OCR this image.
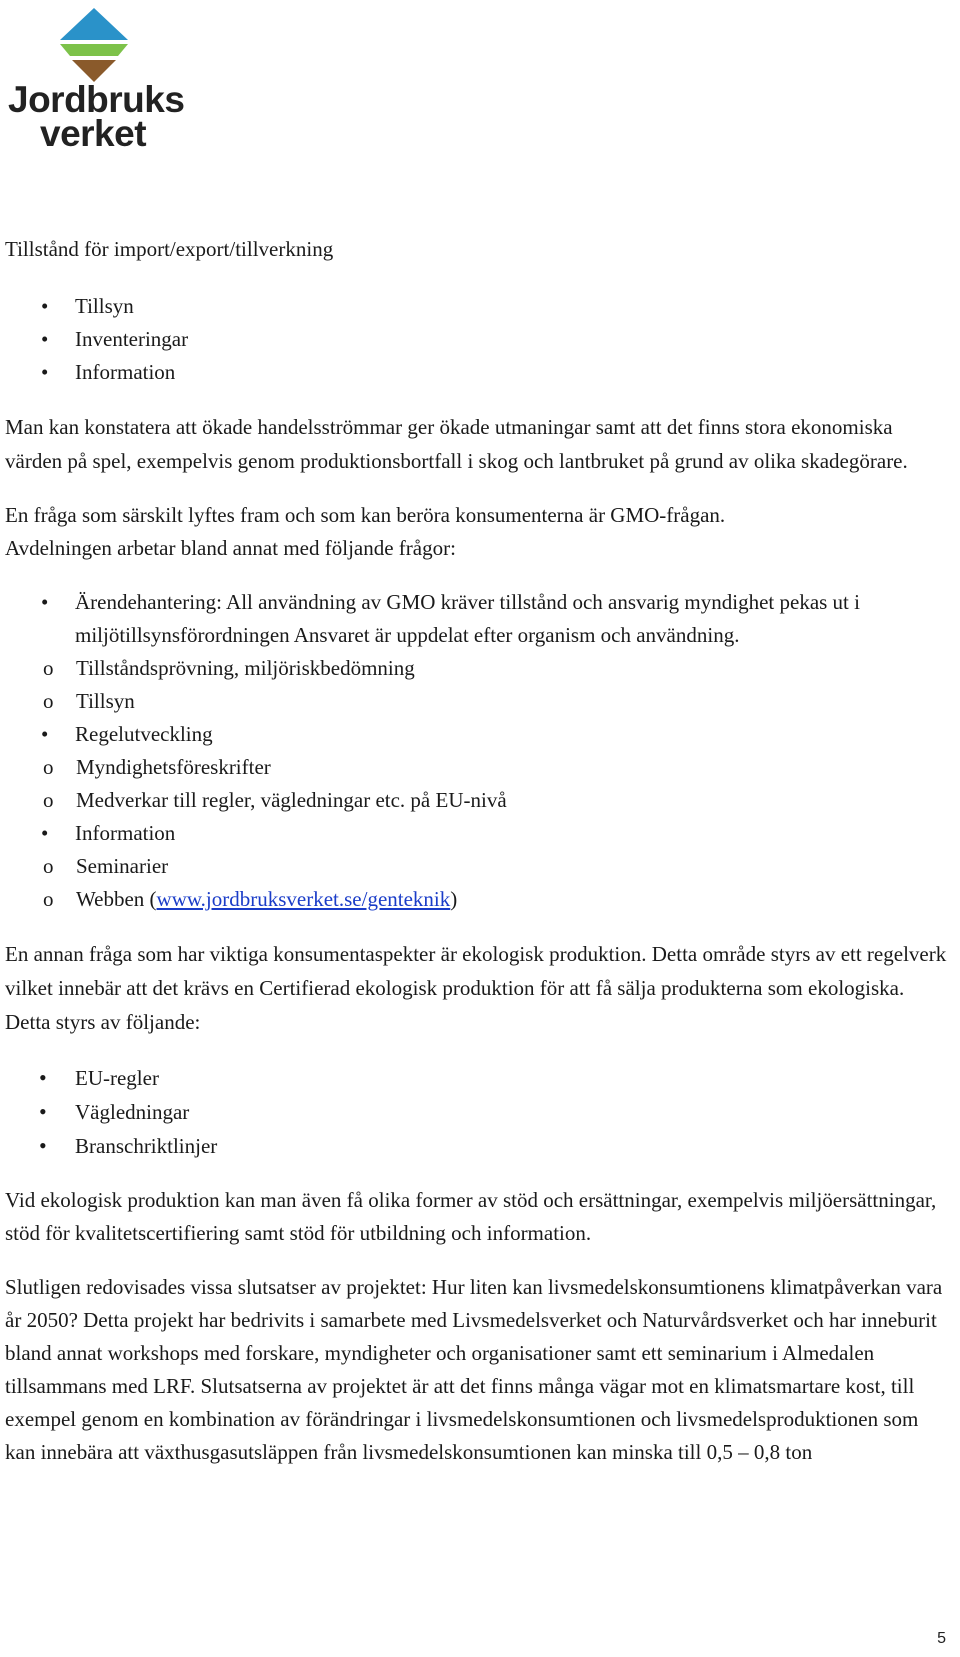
Jordbruks
verket

Tillstånd för import/export/tillverkning

• Tillsyn
• Inventeringar
• Information

Man kan konstatera att ökade handelsströmmar ger ökade utmaningar samt att det finns stora ekonomiska värden på spel, exempelvis genom produktionsbortfall i skog och lantbruket på grund av olika skadegörare.

En fråga som särskilt lyftes fram och som kan beröra konsumenterna är GMO-frågan.

Avdelningen arbetar bland annat med följande frågor:

• Ärendehantering: All användning av GMO kräver tillstånd och ansvarig myndighet pekas ut i miljötillsynsförordningen Ansvaret är uppdelat efter organism och användning.
o Tillståndsprövning, miljöriskbedömning
o Tillsyn
• Regelutveckling
o Myndighetsföreskrifter
o Medverkar till regler, vägledningar etc. på EU-nivå
• Information
o Seminarier
o Webben (www.jordbruksverket.se/genteknik)

En annan fråga som har viktiga konsumentaspekter är ekologisk produktion. Detta område styrs av ett regelverk vilket innebär att det krävs en Certifierad ekologisk produktion för att få sälja produkterna som ekologiska. Detta styrs av följande:

• EU-regler
• Vägledningar
• Branschriktlinjer

Vid ekologisk produktion kan man även få olika former av stöd och ersättningar, exempelvis miljöersättningar, stöd för kvalitetscertifiering samt stöd för utbildning och information.

Slutligen redovisades vissa slutsatser av projektet: Hur liten kan livsmedelskonsumtionens klimatpåverkan vara år 2050? Detta projekt har bedrivits i samarbete med Livsmedelsverket och Naturvårdsverket och har inneburit bland annat workshops med forskare, myndigheter och organisationer samt ett seminarium i Almedalen tillsammans med LRF. Slutsatserna av projektet är att det finns många vägar mot en klimatsmartare kost, till exempel genom en kombination av förändringar i livsmedelskonsumtionen och livsmedelsproduktionen som kan innebära att växthusgasutsläppen från livsmedelskonsumtionen kan minska till 0,5 – 0,8 ton

5
